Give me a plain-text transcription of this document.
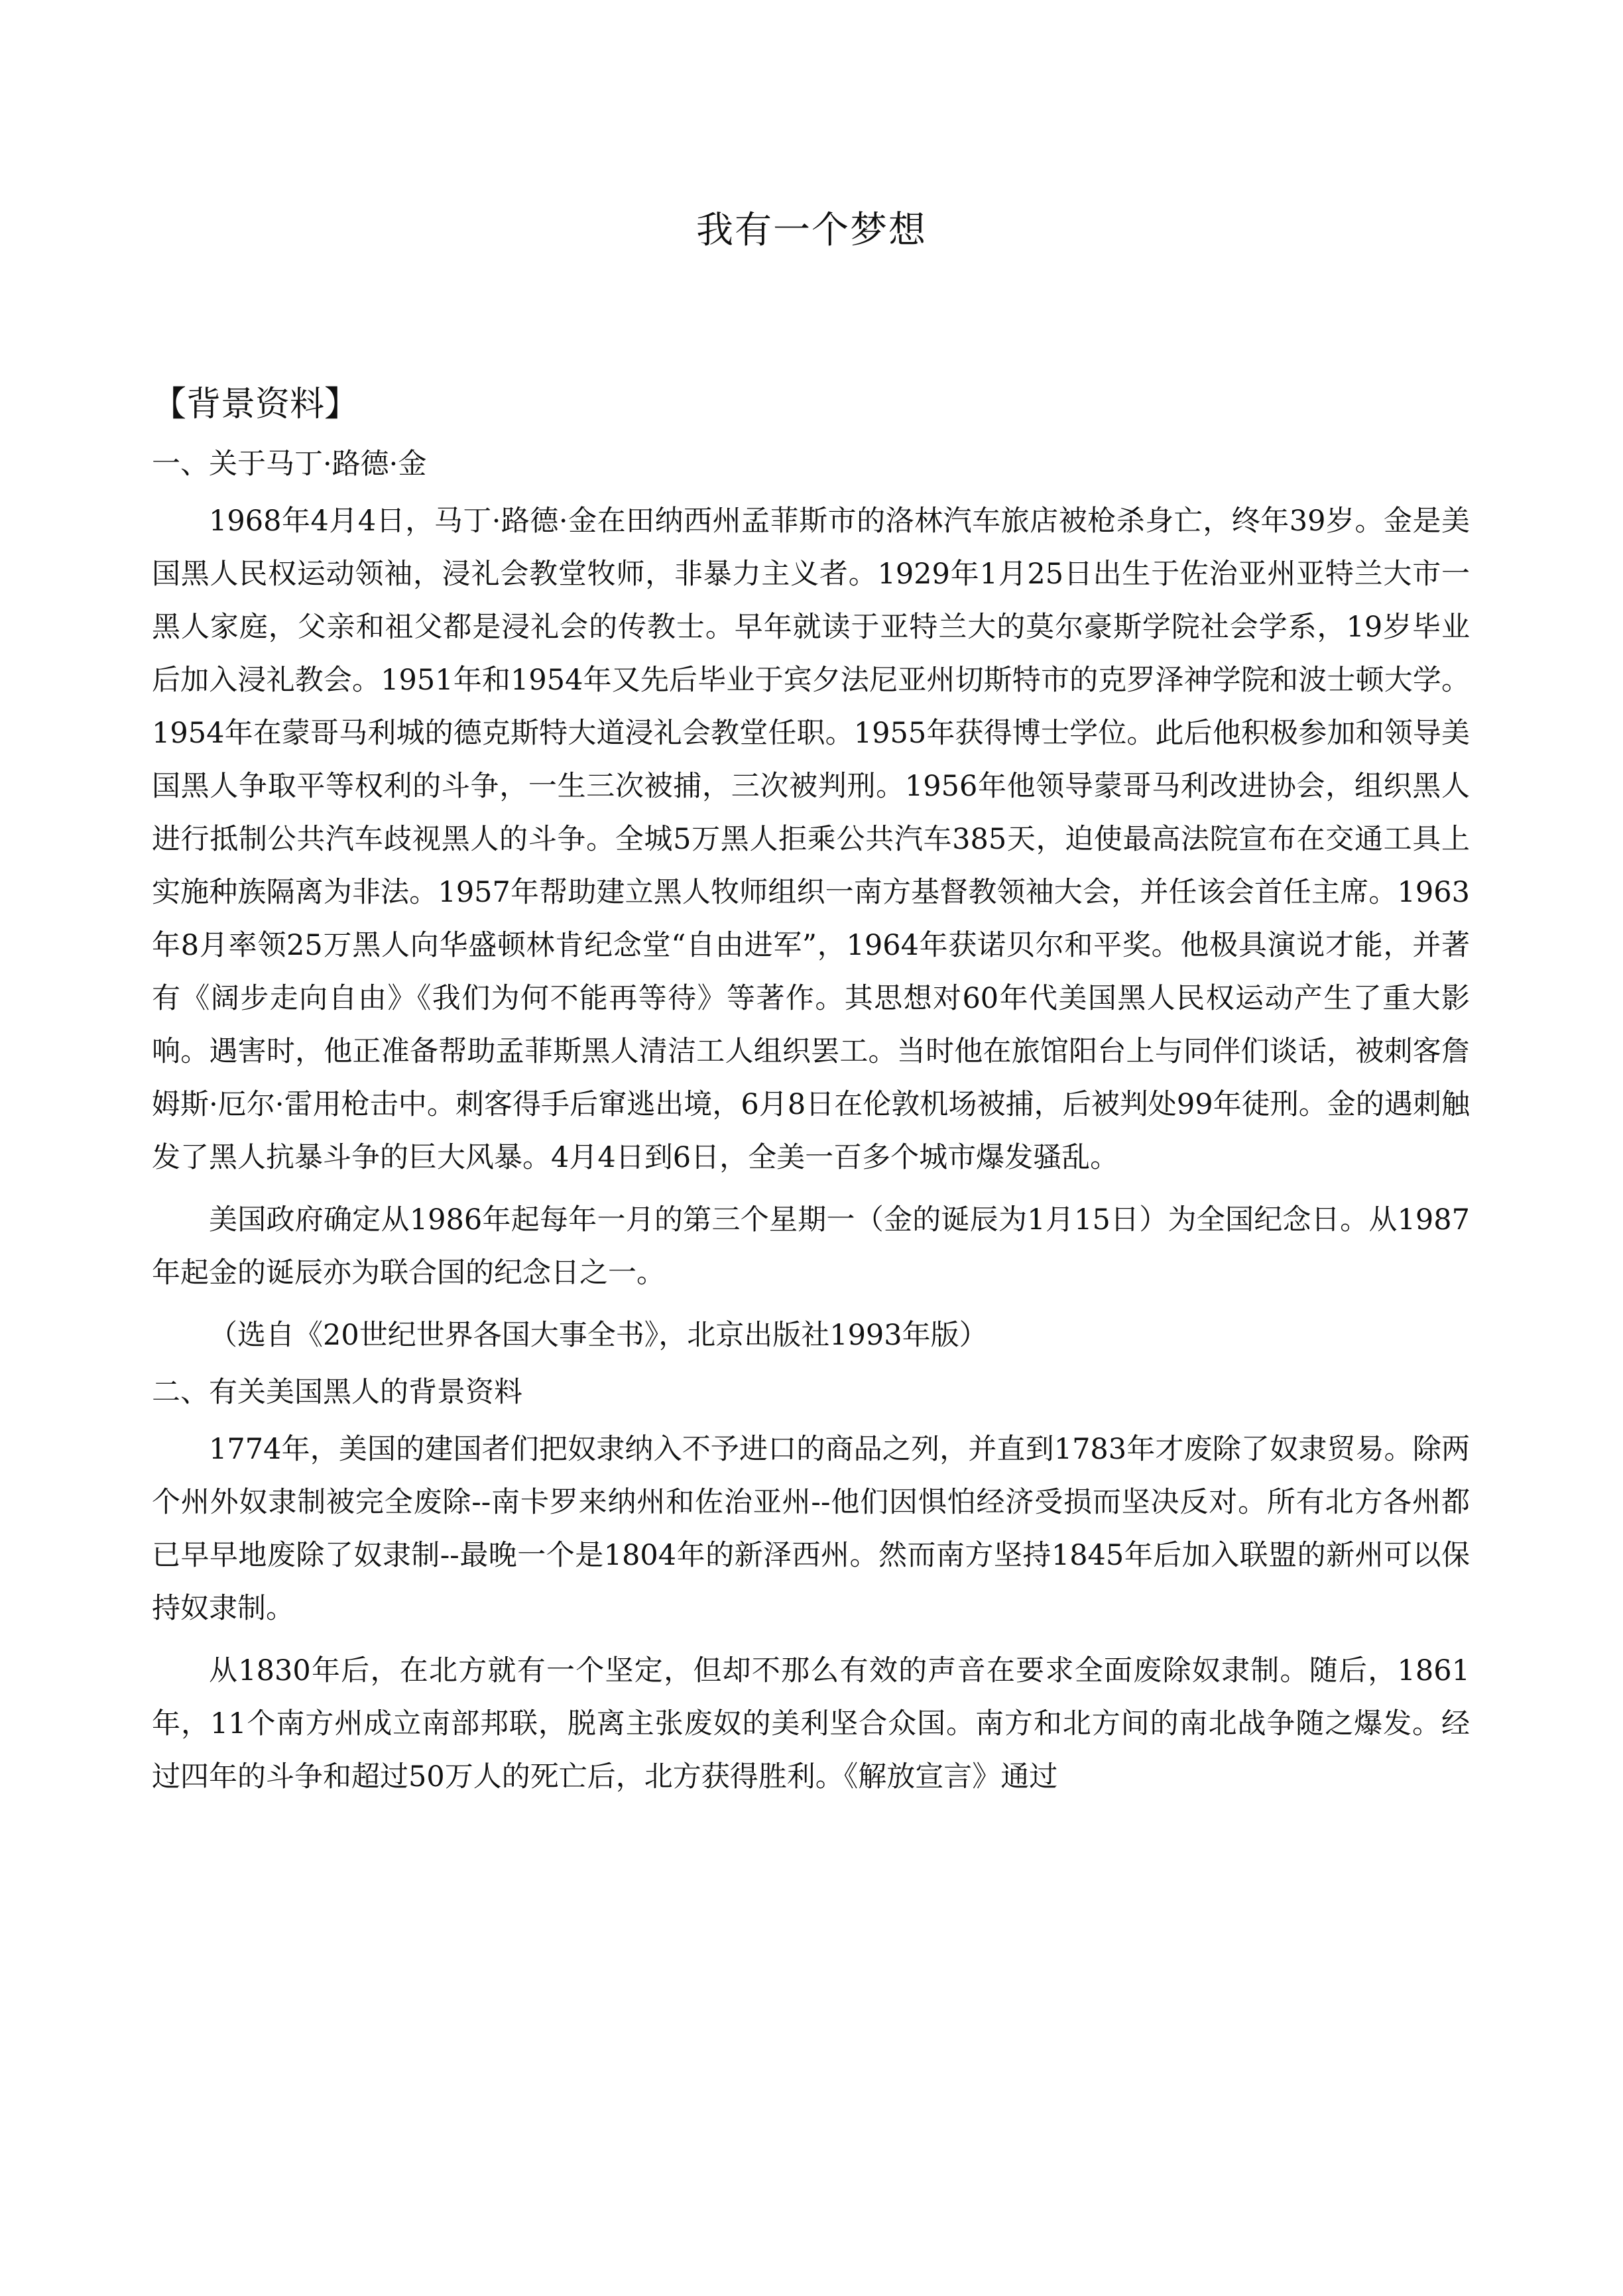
我有一个梦想
【背景资料】
一、关于马丁·路德·金

1968年4月4日，马丁·路德·金在田纳西州孟菲斯市的洛林汽车旅店被枪杀身亡，终年39岁。金是美国黑人民权运动领袖，浸礼会教堂牧师，非暴力主义者。1929年1月25日出生于佐治亚州亚特兰大市一黑人家庭，父亲和祖父都是浸礼会的传教士。早年就读于亚特兰大的莫尔豪斯学院社会学系，19岁毕业后加入浸礼教会。1951年和1954年又先后毕业于宾夕法尼亚州切斯特市的克罗泽神学院和波士顿大学。1954年在蒙哥马利城的德克斯特大道浸礼会教堂任职。1955年获得博士学位。此后他积极参加和领导美国黑人争取平等权利的斗争，一生三次被捕，三次被判刑。1956年他领导蒙哥马利改进协会，组织黑人进行抵制公共汽车歧视黑人的斗争。全城5万黑人拒乘公共汽车385天，迫使最高法院宣布在交通工具上实施种族隔离为非法。1957年帮助建立黑人牧师组织一南方基督教领袖大会，并任该会首任主席。1963年8月率领25万黑人向华盛顿林肯纪念堂“自由进军”，1964年获诺贝尔和平奖。他极具演说才能，并著有《阔步走向自由》《我们为何不能再等待》等著作。其思想对60年代美国黑人民权运动产生了重大影响。遇害时，他正准备帮助孟菲斯黑人清洁工人组织罢工。当时他在旅馆阳台上与同伴们谈话，被刺客詹姆斯·厄尔·雷用枪击中。刺客得手后窜逃出境，6月8日在伦敦机场被捕，后被判处99年徒刑。金的遇刺触发了黑人抗暴斗争的巨大风暴。4月4日到6日，全美一百多个城市爆发骚乱。

美国政府确定从1986年起每年一月的第三个星期一（金的诞辰为1月15日）为全国纪念日。从1987年起金的诞辰亦为联合国的纪念日之一。

（选自《20世纪世界各国大事全书》，北京出版社1993年版）

二、有关美国黑人的背景资料

1774年，美国的建国者们把奴隶纳入不予进口的商品之列，并直到1783年才废除了奴隶贸易。除两个州外奴隶制被完全废除--南卡罗来纳州和佐治亚州--他们因惧怕经济受损而坚决反对。所有北方各州都已早早地废除了奴隶制--最晚一个是1804年的新泽西州。然而南方坚持1845年后加入联盟的新州可以保持奴隶制。

从1830年后，在北方就有一个坚定，但却不那么有效的声音在要求全面废除奴隶制。随后，1861年，11个南方州成立南部邦联，脱离主张废奴的美利坚合众国。南方和北方间的南北战争随之爆发。经过四年的斗争和超过50万人的死亡后，北方获得胜利。《解放宣言》通过
